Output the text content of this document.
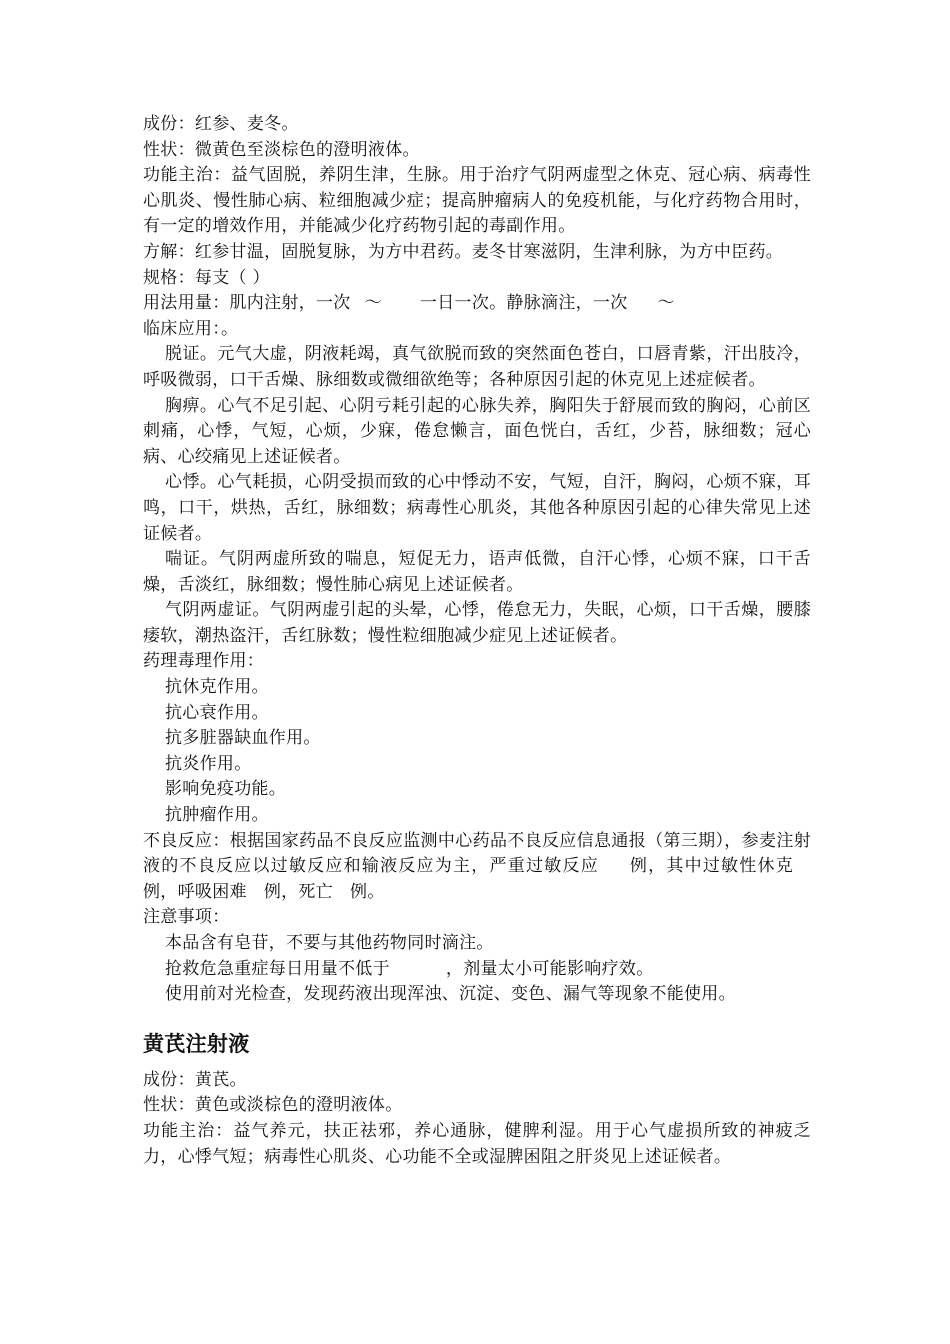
成份：红参、麦冬。

性状：微黄色至淡棕色的澄明液体。

功能主治：益气固脱，养阴生津，生脉。用于治疗气阴两虚型之休克、冠心病、病毒性心肌炎、慢性肺心病、粒细胞减少症；提高肿瘤病人的免疫机能，与化疗药物合用时，有一定的增效作用，并能减少化疗药物引起的毒副作用。

方解：红参甘温，固脱复脉，为方中君药。麦冬甘寒滋阴，生津利脉，为方中臣药。

规格：每支（ ）

用法用量：肌内注射，一次 ～ 一日一次。静脉滴注，一次 ～

临床应用：。

脱证。元气大虚，阴液耗竭，真气欲脱而致的突然面色苍白，口唇青紫，汗出肢冷，呼吸微弱，口干舌燥、脉细数或微细欲绝等；各种原因引起的休克见上述症候者。

胸痹。心气不足引起、心阴亏耗引起的心脉失养，胸阳失于舒展而致的胸闷，心前区刺痛，心悸，气短，心烦，少寐，倦怠懒言，面色恍白，舌红，少苔，脉细数；冠心病、心绞痛见上述证候者。

心悸。心气耗损，心阴受损而致的心中悸动不安，气短，自汗，胸闷，心烦不寐，耳鸣，口干，烘热，舌红，脉细数；病毒性心肌炎，其他各种原因引起的心律失常见上述证候者。

喘证。气阴两虚所致的喘息，短促无力，语声低微，自汗心悸，心烦不寐，口干舌燥，舌淡红，脉细数；慢性肺心病见上述证候者。

气阴两虚证。气阴两虚引起的头晕，心悸，倦怠无力，失眠，心烦，口干舌燥，腰膝痿软，潮热盗汗，舌红脉数；慢性粒细胞减少症见上述证候者。

药理毒理作用：

抗休克作用。

抗心衰作用。

抗多脏器缺血作用。

抗炎作用。

影响免疫功能。

抗肿瘤作用。

不良反应：根据国家药品不良反应监测中心药品不良反应信息通报（第三期），参麦注射液的不良反应以过敏反应和输液反应为主，严重过敏反应 例，其中过敏性休克例，呼吸困难 例，死亡 例。

注意事项：

本品含有皂苷，不要与其他药物同时滴注。

抢救危急重症每日用量不低于	，剂量太小可能影响疗效。

使用前对光检查，发现药液出现浑浊、沉淀、变色、漏气等现象不能使用。

黄芪注射液

成份：黄芪。

性状：黄色或淡棕色的澄明液体。

功能主治：益气养元，扶正祛邪，养心通脉，健脾利湿。用于心气虚损所致的神疲乏力，心悸气短；病毒性心肌炎、心功能不全或湿脾困阻之肝炎见上述证候者。
